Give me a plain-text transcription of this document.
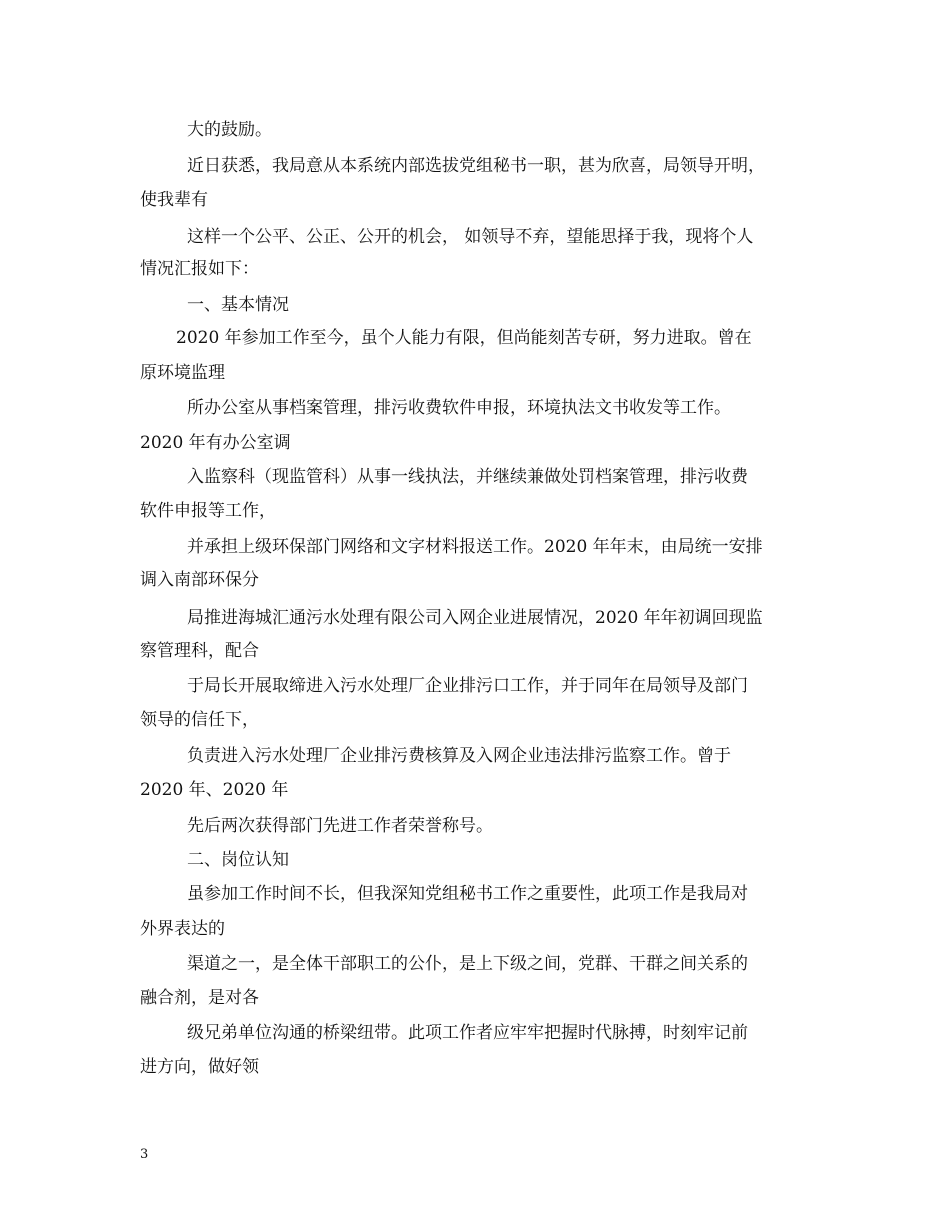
大的鼓励。
近日获悉，我局意从本系统内部选拔党组秘书一职，甚为欣喜，局领导开明，
使我辈有
这样一个公平、公正、公开的机会， 如领导不弃，望能思择于我，现将个人
情况汇报如下：
一、基本情况
2020 年参加工作至今，虽个人能力有限，但尚能刻苦专研，努力进取。曾在
原环境监理
所办公室从事档案管理，排污收费软件申报，环境执法文书收发等工作。
2020 年有办公室调
入监察科（现监管科）从事一线执法，并继续兼做处罚档案管理，排污收费
软件申报等工作，
并承担上级环保部门网络和文字材料报送工作。2020 年年末，由局统一安排
调入南部环保分
局推进海城汇通污水处理有限公司入网企业进展情况，2020 年年初调回现监
察管理科，配合
于局长开展取缔进入污水处理厂企业排污口工作，并于同年在局领导及部门
领导的信任下，
负责进入污水处理厂企业排污费核算及入网企业违法排污监察工作。曾于
2020 年、2020 年
先后两次获得部门先进工作者荣誉称号。
二、岗位认知
虽参加工作时间不长，但我深知党组秘书工作之重要性，此项工作是我局对
外界表达的
渠道之一，是全体干部职工的公仆，是上下级之间，党群、干群之间关系的
融合剂，是对各
级兄弟单位沟通的桥梁纽带。此项工作者应牢牢把握时代脉搏，时刻牢记前
进方向，做好领
3
